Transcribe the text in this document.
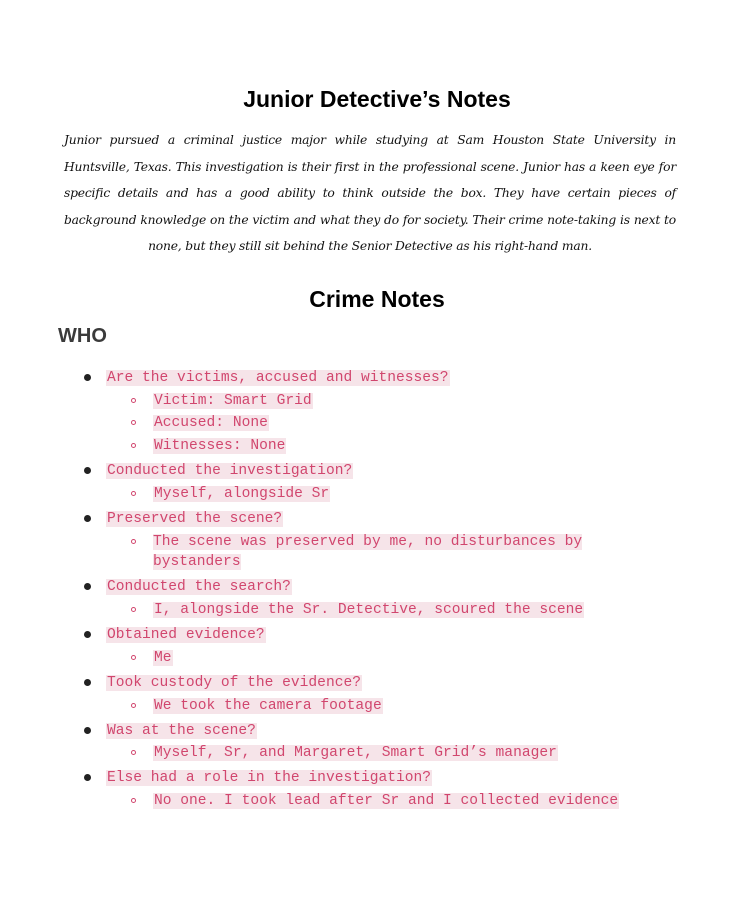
Junior Detective’s Notes
Junior pursued a criminal justice major while studying at Sam Houston State University in Huntsville, Texas. This investigation is their first in the professional scene. Junior has a keen eye for specific details and has a good ability to think outside the box. They have certain pieces of background knowledge on the victim and what they do for society. Their crime note-taking is next to none, but they still sit behind the Senior Detective as his right-hand man.
Crime Notes
WHO
Are the victims, accused and witnesses?
Victim: Smart Grid
Accused: None
Witnesses: None
Conducted the investigation?
Myself, alongside Sr
Preserved the scene?
The scene was preserved by me, no disturbances by bystanders
Conducted the search?
I, alongside the Sr. Detective, scoured the scene
Obtained evidence?
Me
Took custody of the evidence?
We took the camera footage
Was at the scene?
Myself, Sr, and Margaret, Smart Grid’s manager
Else had a role in the investigation?
No one. I took lead after Sr and I collected evidence
